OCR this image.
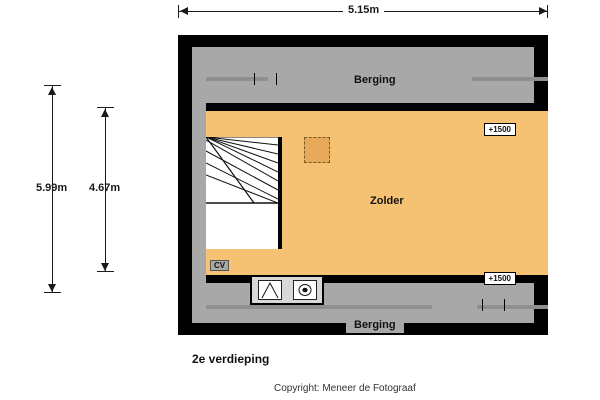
5.15m
5.99m 4.67m
Berging
Berging
Zolder
+1500
+1500
CV
2e verdieping
Copyright: Meneer de Fotograaf
